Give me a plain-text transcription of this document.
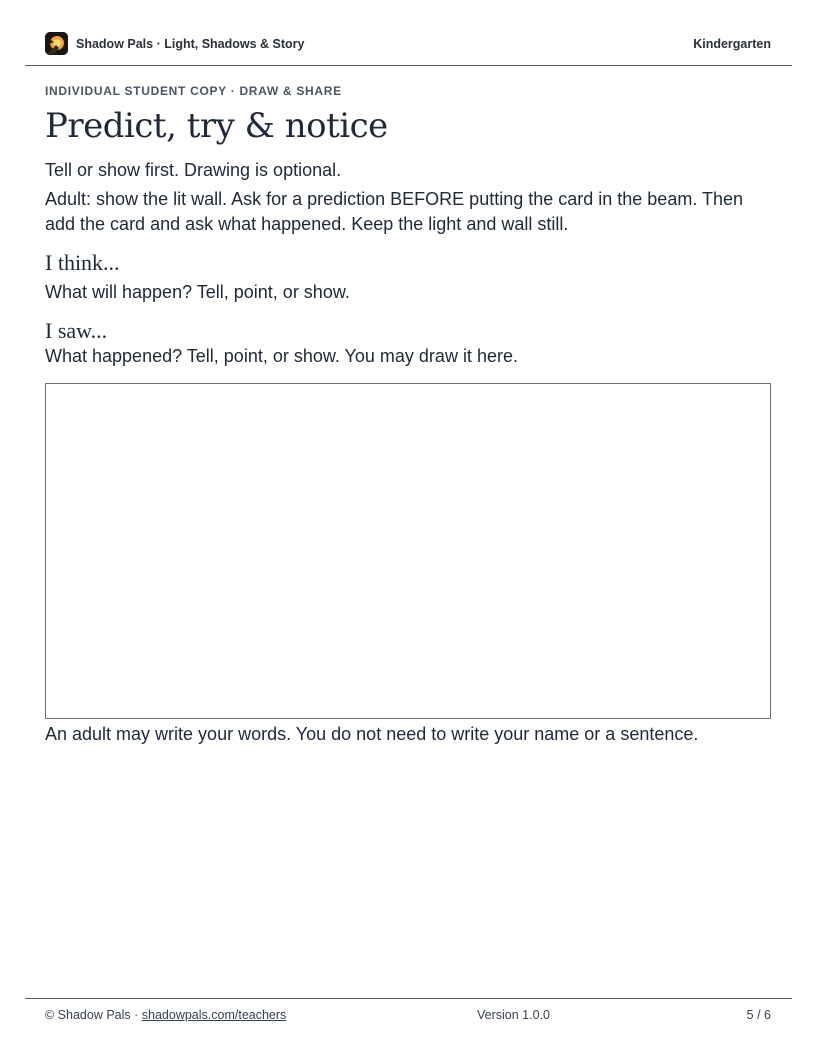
Shadow Pals · Light, Shadows & Story	Kindergarten

INDIVIDUAL STUDENT COPY · DRAW & SHARE

Predict, try & notice

Tell or show first. Drawing is optional.

Adult: show the lit wall. Ask for a prediction BEFORE putting the card in the beam. Then add the card and ask what happened. Keep the light and wall still.

I think...

What will happen? Tell, point, or show.

I saw...

What happened? Tell, point, or show. You may draw it here.

An adult may write your words. You do not need to write your name or a sentence.

© Shadow Pals · shadowpals.com/teachers	Version 1.0.0	5 / 6
